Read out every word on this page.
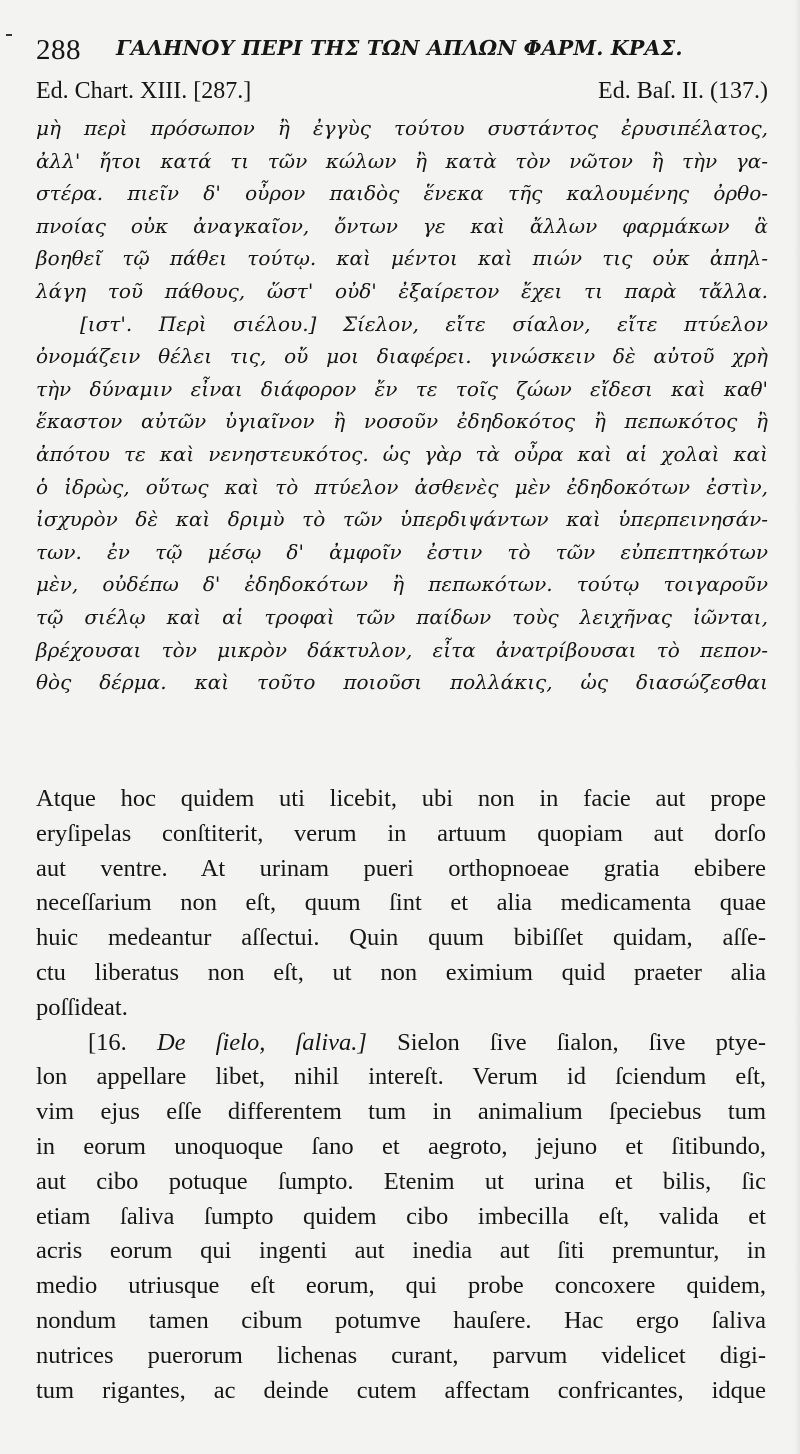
288 ΓΑΛΗΝΟΥ ΠΕΡΙ ΤΗΣ ΤΩΝ ΑΠΛΩΝ ΦΑΡΜ. ΚΡΑΣ.
Ed. Chart. XIII. [287.]	Ed. Baſ. II. (137.)
μὴ περὶ πρόσωπον ἢ ἐγγὺς τούτου συστάντος ἐρυσιπέλατος,
ἀλλ' ἤτοι κατά τι τῶν κώλων ἢ κατὰ τὸν νῶτον ἢ τὴν γα-
στέρα. πιεῖν δ' οὖρον παιδὸς ἕνεκα τῆς καλουμένης ὀρθο-
πνοίας οὐκ ἀναγκαῖον, ὄντων γε καὶ ἄλλων φαρμάκων ἃ
βοηθεῖ τῷ πάθει τούτῳ. καὶ μέντοι καὶ πιών τις οὐκ ἀπηλ-
λάγη τοῦ πάθους, ὥστ' οὐδ' ἐξαίρετον ἔχει τι παρὰ τἄλλα.
[ιστ'. Περὶ σιέλου.] Σίελον, εἴτε σίαλον, εἴτε πτύελον
ὀνομάζειν θέλει τις, οὔ μοι διαφέρει. γινώσκειν δὲ αὐτοῦ χρὴ
τὴν δύναμιν εἶναι διάφορον ἔν τε τοῖς ζώων εἴδεσι καὶ καθ'
ἕκαστον αὐτῶν ὑγιαῖνον ἢ νοσοῦν ἐδηδοκότος ἢ πεπωκότος ἢ
ἀπότου τε καὶ νενηστευκότος. ὡς γὰρ τὰ οὖρα καὶ αἱ χολαὶ καὶ
ὁ ἱδρὼς, οὕτως καὶ τὸ πτύελον ἀσθενὲς μὲν ἐδηδοκότων ἐστὶν,
ἰσχυρὸν δὲ καὶ δριμὺ τὸ τῶν ὑπερδιψάντων καὶ ὑπερπεινησάν-
των. ἐν τῷ μέσῳ δ' ἀμφοῖν ἐστιν τὸ τῶν εὐπεπτηκότων
μὲν, οὐδέπω δ' ἐδηδοκότων ἢ πεπωκότων. τούτῳ τοιγαροῦν
τῷ σιέλῳ καὶ αἱ τροφαὶ τῶν παίδων τοὺς λειχῆνας ἰῶνται,
βρέχουσαι τὸν μικρὸν δάκτυλον, εἶτα ἀνατρίβουσαι τὸ πεπον-
θὸς δέρμα. καὶ τοῦτο ποιοῦσι πολλάκις, ὡς διασώζεσθαι
Atque hoc quidem uti licebit, ubi non in facie aut prope
eryſipelas conſtiterit, verum in artuum quopiam aut dorſo
aut ventre. At urinam pueri orthopnoeae gratia ebibere
neceſſarium non eſt, quum ſint et alia medicamenta quae
huic medeantur aſſectui. Quin quum bibiſſet quidam, aſſe-
ctu liberatus non eſt, ut non eximium quid praeter alia
poſſideat.
[16. De ſielo, ſaliva.] Sielon ſive ſialon, ſive ptye-
lon appellare libet, nihil intereſt. Verum id ſciendum eſt,
vim ejus eſſe differentem tum in animalium ſpeciebus tum
in eorum unoquoque ſano et aegroto, jejuno et ſitibundo,
aut cibo potuque ſumpto. Etenim ut urina et bilis, ſic
etiam ſaliva ſumpto quidem cibo imbecilla eſt, valida et
acris eorum qui ingenti aut inedia aut ſiti premuntur, in
medio utriusque eſt eorum, qui probe concoxere quidem,
nondum tamen cibum potumve hauſere. Hac ergo ſaliva
nutrices puerorum lichenas curant, parvum videlicet digi-
tum rigantes, ac deinde cutem affectam confricantes, idque
